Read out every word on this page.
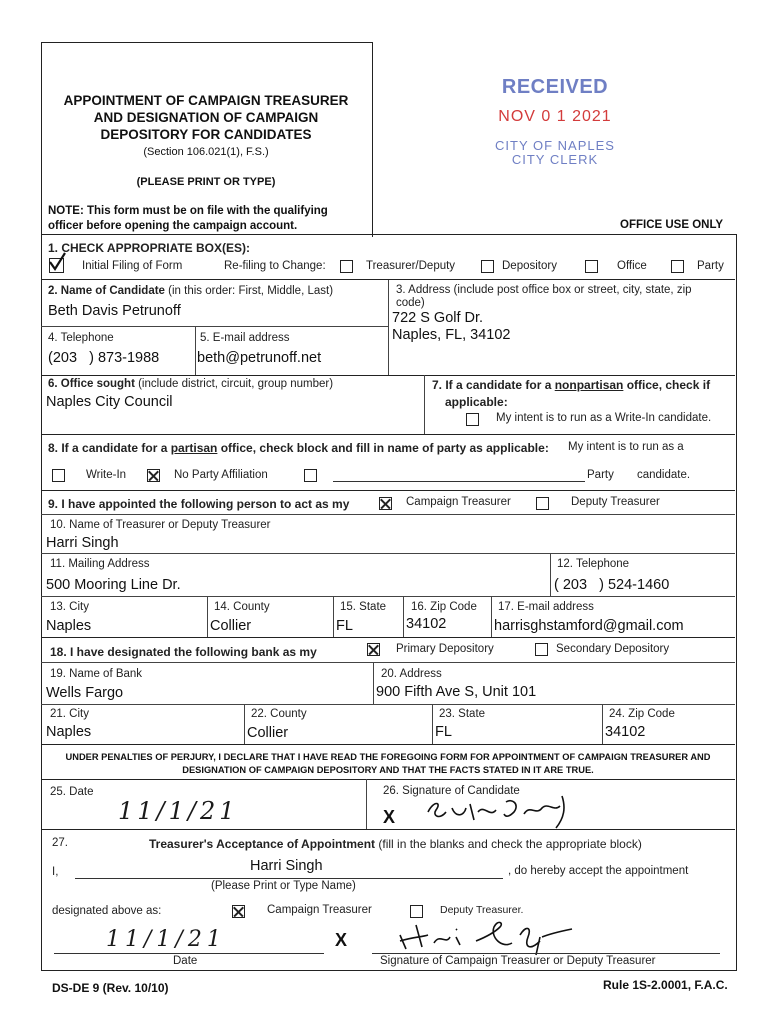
APPOINTMENT OF CAMPAIGN TREASURER
AND DESIGNATION OF CAMPAIGN
DEPOSITORY FOR CANDIDATES
(Section 106.021(1), F.S.)
(PLEASE PRINT OR TYPE)
NOTE: This form must be on file with the qualifying
officer before opening the campaign account.	OFFICE USE ONLY
RECEIVED
NOV 0 1 2021
CITY OF NAPLES
CITY CLERK
1. CHECK APPROPRIATE BOX(ES):
Initial Filing of Form	Re-filing to Change:	Treasurer/Deputy	Depository	Office	Party
2. Name of Candidate (in this order: First, Middle, Last)
Beth Davis Petrunoff
3. Address (include post office box or street, city, state, zip code)
722 S Golf Dr.
Naples, FL, 34102
4. Telephone
(203   ) 873-1988
5. E-mail address
beth@petrunoff.net
6. Office sought (include district, circuit, group number)
Naples City Council
7. If a candidate for a nonpartisan office, check if
applicable:
My intent is to run as a Write-In candidate.
8. If a candidate for a partisan office, check block and fill in name of party as applicable: My intent is to run as a
Write-In	No Party Affiliation	Party candidate.
9. I have appointed the following person to act as my	Campaign Treasurer	Deputy Treasurer
10. Name of Treasurer or Deputy Treasurer
Harri Singh
11. Mailing Address
500 Mooring Line Dr.
12. Telephone
( 203   ) 524-1460
13. City
Naples
14. County
Collier
15. State
FL
16. Zip Code
34102
17. E-mail address
harrisghstamford@gmail.com
18. I have designated the following bank as my	Primary Depository	Secondary Depository
19. Name of Bank
Wells Fargo
20. Address
900 Fifth Ave S, Unit 101
21. City
Naples
22. County
Collier
23. State
FL
24. Zip Code
34102
UNDER PENALTIES OF PERJURY, I DECLARE THAT I HAVE READ THE FOREGOING FORM FOR APPOINTMENT OF CAMPAIGN TREASURER AND
DESIGNATION OF CAMPAIGN DEPOSITORY AND THAT THE FACTS STATED IN IT ARE TRUE.
25. Date
11/1/21
26. Signature of Candidate
X
27.	Treasurer's Acceptance of Appointment (fill in the blanks and check the appropriate block)
I,	Harri Singh	, do hereby accept the appointment
(Please Print or Type Name)
designated above as:	Campaign Treasurer	Deputy Treasurer.
11/1/21
Date
X
Signature of Campaign Treasurer or Deputy Treasurer
DS-DE 9 (Rev. 10/10)	Rule 1S-2.0001, F.A.C.
